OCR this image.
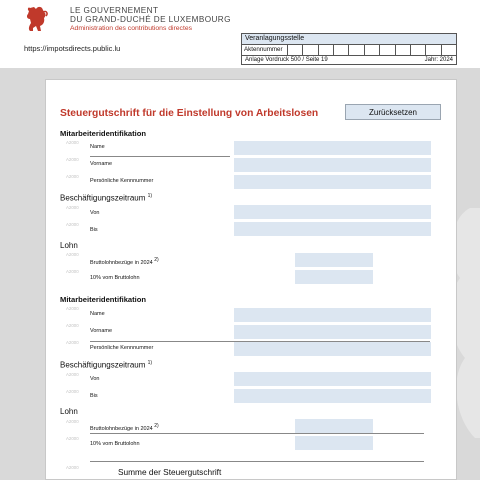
LE GOUVERNEMENT
DU GRAND-DUCHÉ DE LUXEMBOURG
Administration des contributions directes
https://impotsdirects.public.lu
Veranlagungsstelle
Aktennummer
Anlage Vordruck 500 / Seite 19	Jahr: 2024
Steuergutschrift für die Einstellung von Arbeitslosen	Zurücksetzen
Mitarbeiteridentifikation
A2000
Name
A2000
Vorname
A2000
Persönliche Kennnummer
Beschäftigungszeitraum $^{1)}$
A2000
Von
A2000
Bis
Lohn
A2000
Bruttolohnbezüge in 2024 2)
A2000
10% vom Bruttolohn
Mitarbeiteridentifikation
A2000
Name
A2000
Vorname
A2000
Persönliche Kennnummer
Beschäftigungszeitraum $^{1)}$
A2000
Von
A2000
Bis
Lohn
A2000
Bruttolohnbezüge in 2024 2)
A2000
10% vom Bruttolohn
A2000	Summe der Steuergutschrift
